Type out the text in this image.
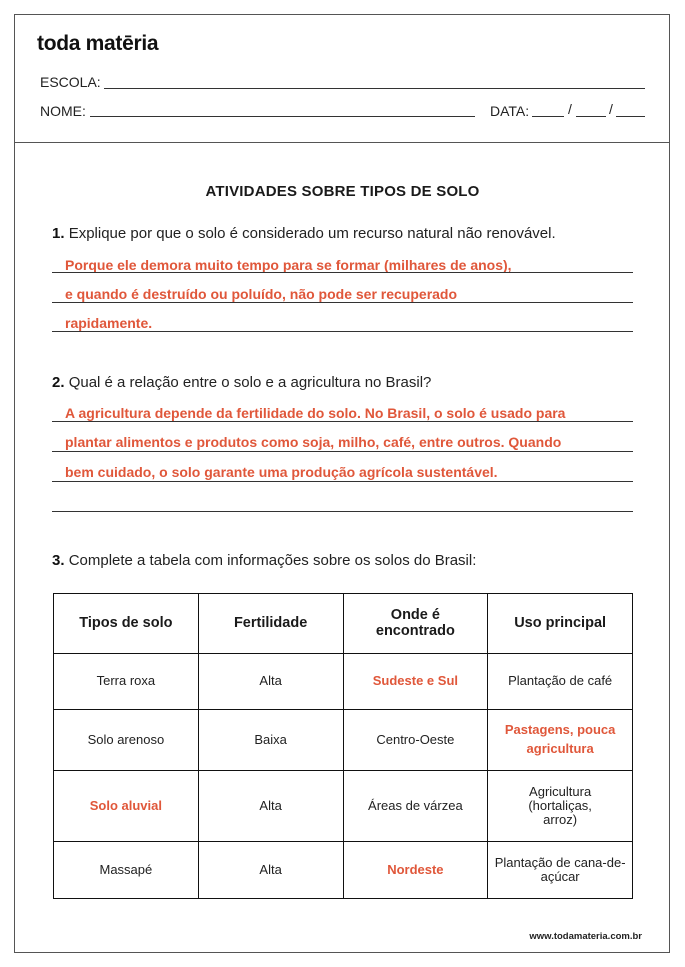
toda matēria
ESCOLA:
NOME:	DATA:	/	/
ATIVIDADES SOBRE TIPOS DE SOLO
1. Explique por que o solo é considerado um recurso natural não renovável.
Porque ele demora muito tempo para se formar (milhares de anos),
e quando é destruído ou poluído, não pode ser recuperado
rapidamente.
2. Qual é a relação entre o solo e a agricultura no Brasil?
A agricultura depende da fertilidade do solo. No Brasil, o solo é usado para
plantar alimentos e produtos como soja, milho, café, entre outros. Quando
bem cuidado, o solo garante uma produção agrícola sustentável.
3. Complete a tabela com informações sobre os solos do Brasil:
Tipos de solo	Fertilidade	Onde é encontrado	Uso principal
Terra roxa	Alta	Sudeste e Sul	Plantação de café
Solo arenoso	Baixa	Centro-Oeste	Pastagens, pouca agricultura
Solo aluvial	Alta	Áreas de várzea	Agricultura (hortaliças, arroz)
Massapé	Alta	Nordeste	Plantação de cana-de-açúcar
www.todamateria.com.br
